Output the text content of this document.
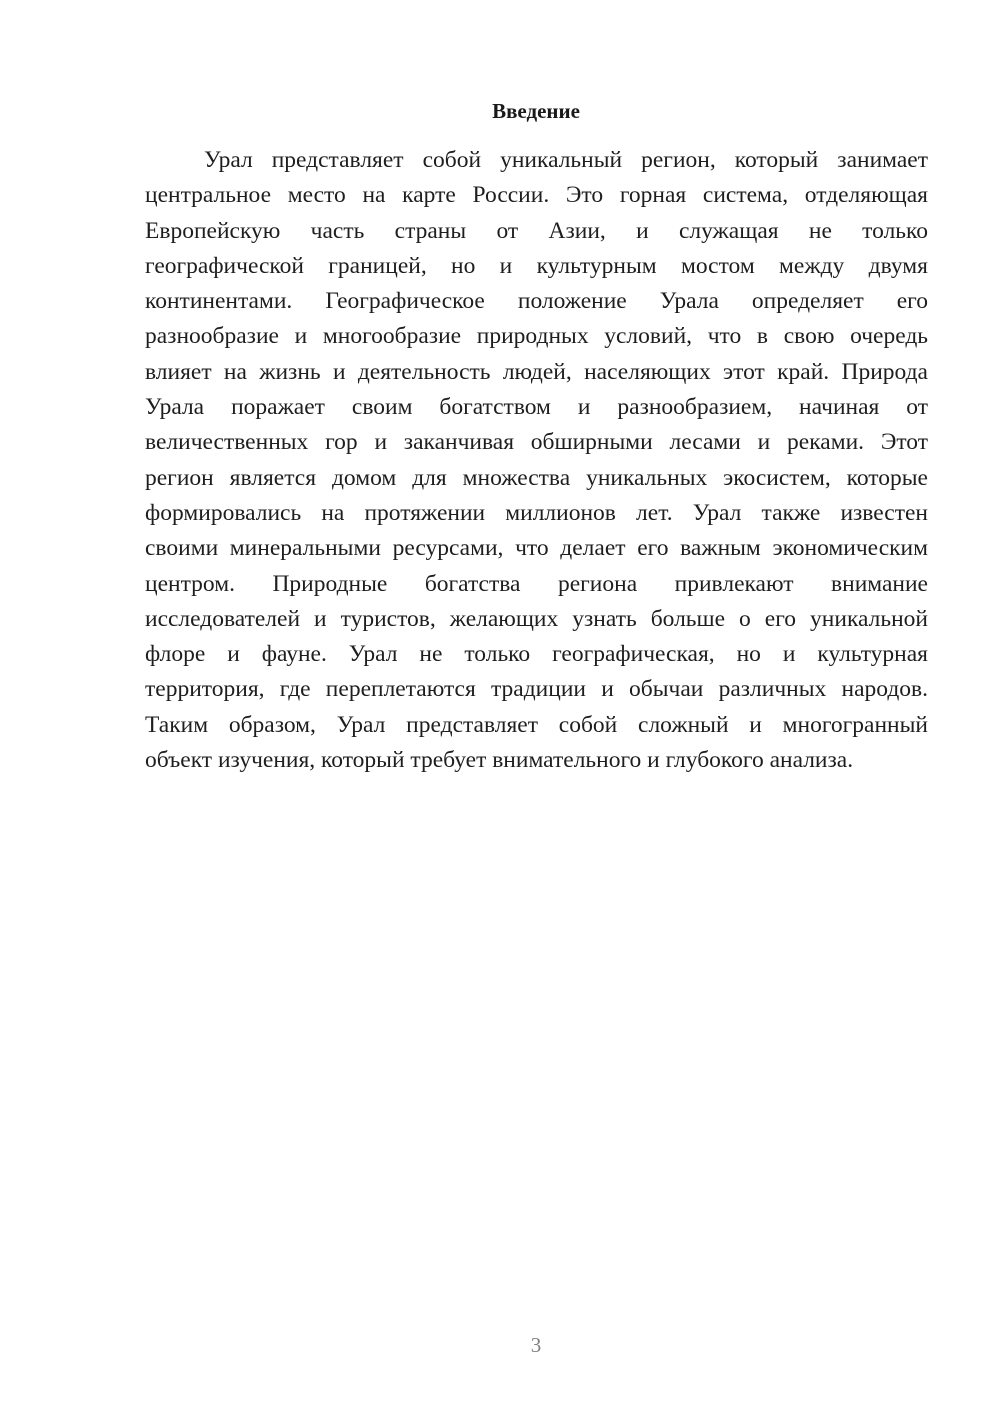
Введение
Урал представляет собой уникальный регион, который занимает
центральное место на карте России. Это горная система, отделяющая
Европейскую часть страны от Азии, и служащая не только
географической границей, но и культурным мостом между двумя
континентами. Географическое положение Урала определяет его
разнообразие и многообразие природных условий, что в свою очередь
влияет на жизнь и деятельность людей, населяющих этот край. Природа
Урала поражает своим богатством и разнообразием, начиная от
величественных гор и заканчивая обширными лесами и реками. Этот
регион является домом для множества уникальных экосистем, которые
формировались на протяжении миллионов лет. Урал также известен
своими минеральными ресурсами, что делает его важным экономическим
центром. Природные богатства региона привлекают внимание
исследователей и туристов, желающих узнать больше о его уникальной
флоре и фауне. Урал не только географическая, но и культурная
территория, где переплетаются традиции и обычаи различных народов.
Таким образом, Урал представляет собой сложный и многогранный
объект изучения, который требует внимательного и глубокого анализа.
3
